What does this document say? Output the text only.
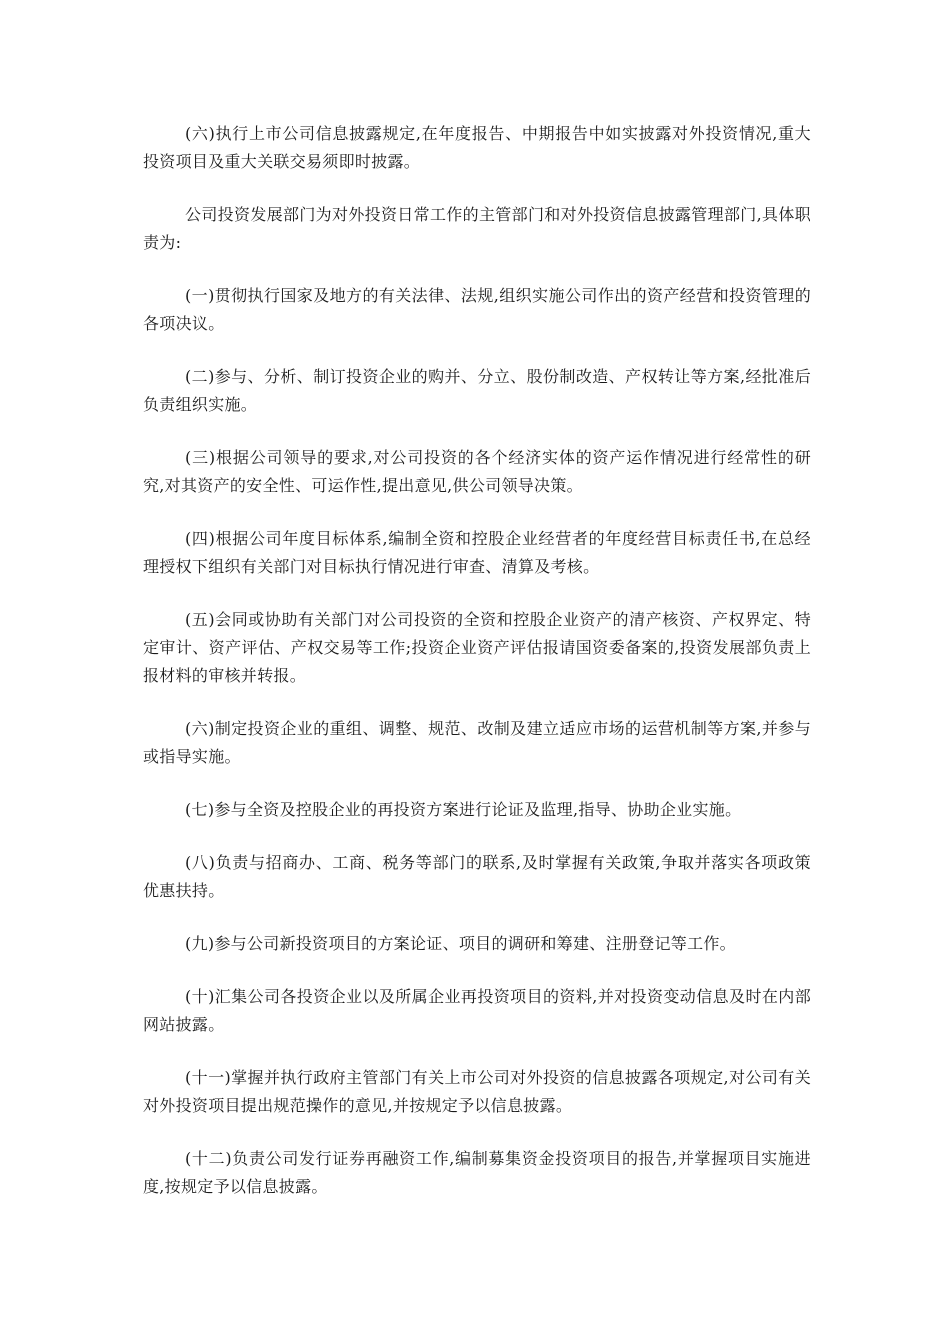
(六)执行上市公司信息披露规定,在年度报告、中期报告中如实披露对外投资情况,重大投资项目及重大关联交易须即时披露。

公司投资发展部门为对外投资日常工作的主管部门和对外投资信息披露管理部门,具体职责为:

(一)贯彻执行国家及地方的有关法律、法规,组织实施公司作出的资产经营和投资管理的各项决议。

(二)参与、分析、制订投资企业的购并、分立、股份制改造、产权转让等方案,经批准后负责组织实施。

(三)根据公司领导的要求,对公司投资的各个经济实体的资产运作情况进行经常性的研究,对其资产的安全性、可运作性,提出意见,供公司领导决策。

(四)根据公司年度目标体系,编制全资和控股企业经营者的年度经营目标责任书,在总经理授权下组织有关部门对目标执行情况进行审查、清算及考核。

(五)会同或协助有关部门对公司投资的全资和控股企业资产的清产核资、产权界定、特定审计、资产评估、产权交易等工作;投资企业资产评估报请国资委备案的,投资发展部负责上报材料的审核并转报。

(六)制定投资企业的重组、调整、规范、改制及建立适应市场的运营机制等方案,并参与或指导实施。

(七)参与全资及控股企业的再投资方案进行论证及监理,指导、协助企业实施。

(八)负责与招商办、工商、税务等部门的联系,及时掌握有关政策,争取并落实各项政策优惠扶持。

(九)参与公司新投资项目的方案论证、项目的调研和筹建、注册登记等工作。

(十)汇集公司各投资企业以及所属企业再投资项目的资料,并对投资变动信息及时在内部网站披露。

(十一)掌握并执行政府主管部门有关上市公司对外投资的信息披露各项规定,对公司有关对外投资项目提出规范操作的意见,并按规定予以信息披露。

(十二)负责公司发行证券再融资工作,编制募集资金投资项目的报告,并掌握项目实施进度,按规定予以信息披露。
